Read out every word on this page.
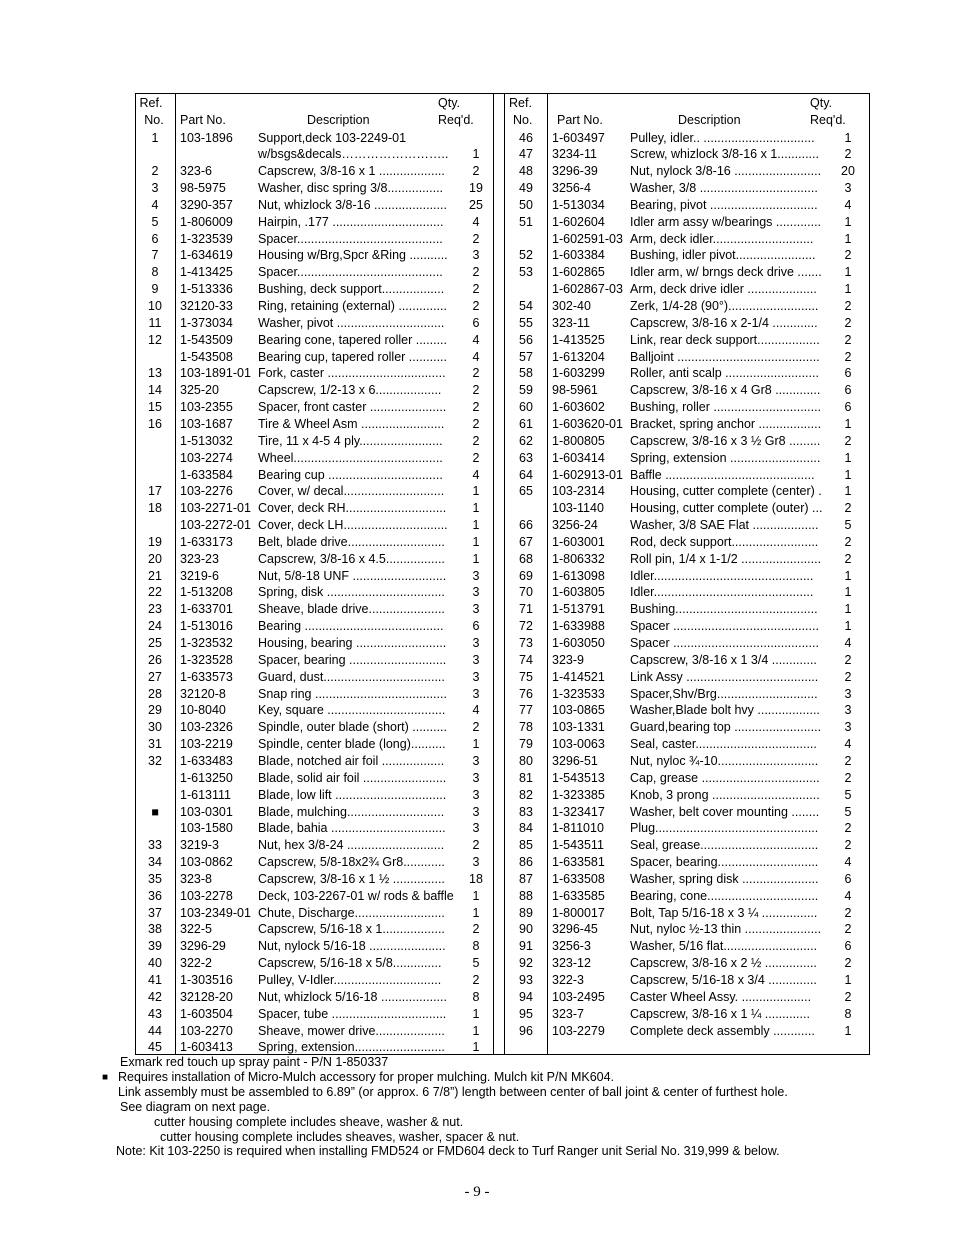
Ref.
No.	Part No.	Description
Qty.
Req'd.
Ref.
No. Part No.	Description
Qty.
Req'd.
1	103-1896 Support,deck 103-2249-01
w/bsgs&decals……………………..	1
2	323-6	Capscrew, 3/8-16 x 1 ...................	2
3	98-5975	Washer, disc spring 3/8................	19
4	3290-357 Nut, whizlock 3/8-16 .....................	25
5	1-806009 Hairpin, .177 ................................	4
6	1-323539 Spacer..........................................	2
7	1-634619 Housing w/Brg,Spcr &Ring ...........	3
8	1-413425 Spacer..........................................	2
9	1-513336 Bushing, deck support..................	2
10	32120-33 Ring, retaining (external) ..............	2
11	1-373034 Washer, pivot ...............................	6
12	1-543509 Bearing cone, tapered roller .........	4
1-543508 Bearing cup, tapered roller ...........	4
13	103-1891-01 Fork, caster ..................................	2
14	325-20	Capscrew, 1/2-13 x 6...................	2
15	103-2355 Spacer, front caster ......................	2
16	103-1687 Tire & Wheel Asm ........................	2
1-513032 Tire, 11 x 4-5 4 ply........................	2
103-2274 Wheel...........................................	2
1-633584 Bearing cup .................................	4
17	103-2276 Cover, w/ decal.............................	1
18	103-2271-01 Cover, deck RH.............................	1
103-2272-01 Cover, deck LH..............................	1
19	1-633173 Belt, blade drive............................	1
20	323-23	Capscrew, 3/8-16 x 4.5.................	1
21	3219-6	Nut, 5/8-18 UNF ...........................	3
22	1-513208 Spring, disk ..................................	3
23	1-633701 Sheave, blade drive......................	3
24	1-513016 Bearing ........................................	6
25	1-323532 Housing, bearing ..........................	3
26	1-323528 Spacer, bearing ............................	3
27	1-633573 Guard, dust...................................	3
28	32120-8	Snap ring ......................................	3
29	10-8040	Key, square ..................................	4
30	103-2326 Spindle, outer blade (short) ..........	2
31	103-2219 Spindle, center blade (long)..........	1
32	1-633483 Blade, notched air foil ..................	3
1-613250 Blade, solid air foil ........................	3
1-613111 Blade, low lift ................................	3
■	103-0301 Blade, mulching............................	3
103-1580 Blade, bahia .................................	3
33	3219-3	Nut, hex 3/8-24 ............................	2
34	103-0862 Capscrew, 5/8-18x2¾ Gr8............	3
35	323-8	Capscrew, 3/8-16 x 1 ½ ...............	18
36	103-2278 Deck, 103-2267-01 w/ rods & baffle	1
37	103-2349-01 Chute, Discharge..........................	1
38	322-5	Capscrew, 5/16-18 x 1..................	2
39	3296-29	Nut, nylock 5/16-18 ......................	8
40	322-2	Capscrew, 5/16-18 x 5/8..............	5
41	1-303516 Pulley, V-Idler...............................	2
42	32128-20 Nut, whizlock 5/16-18 ...................	8
43	1-603504 Spacer, tube .................................	1
44	103-2270 Sheave, mower drive....................	1
45	1-603413 Spring, extension..........................	1
46	1-603497 Pulley, idler.. ................................	1
47	3234-11	Screw, whizlock 3/8-16 x 1............	2
48	3296-39	Nut, nylock 3/8-16 .........................	20
49	3256-4	Washer, 3/8 ..................................	3
50	1-513034 Bearing, pivot ...............................	4
51	1-602604 Idler arm assy w/bearings .............	1
1-602591-03 Arm, deck idler.............................	1
52	1-603384 Bushing, idler pivot.......................	2
53	1-602865 Idler arm, w/ brngs deck drive .......	1
1-602867-03 Arm, deck drive idler ....................	1
54	302-40	Zerk, 1/4-28 (90°)..........................	2
55	323-11	Capscrew, 3/8-16 x 2-1/4 .............	2
56	1-413525 Link, rear deck support..................	2
57	1-613204 Balljoint .........................................	2
58	1-603299 Roller, anti scalp ...........................	6
59	98-5961	Capscrew, 3/8-16 x 4 Gr8 .............	6
60	1-603602 Bushing, roller ...............................	6
61	1-603620-01 Bracket, spring anchor ..................	1
62	1-800805 Capscrew, 3/8-16 x 3 ½ Gr8 .........	2
63	1-603414 Spring, extension ..........................	1
64	1-602913-01 Baffle ...........................................	1
65	103-2314 Housing, cutter complete (center) .	1
103-1140 Housing, cutter complete (outer) ...	2
66	3256-24	Washer, 3/8 SAE Flat ...................	5
67	1-603001 Rod, deck support.........................	2
68	1-806332 Roll pin, 1/4 x 1-1/2 .......................	2
69	1-613098 Idler..............................................	1
70	1-603805 Idler..............................................	1
71	1-513791 Bushing.........................................	1
72	1-633988 Spacer ..........................................	1
73	1-603050 Spacer ..........................................	4
74	323-9	Capscrew, 3/8-16 x 1 3/4 .............	2
75	1-414521 Link Assy ......................................	2
76	1-323533 Spacer,Shv/Brg.............................	3
77	103-0865 Washer,Blade bolt hvy ..................	3
78	103-1331 Guard,bearing top .........................	3
79	103-0063 Seal, caster...................................	4
80	3296-51	Nut, nyloc ¾-10.............................	2
81	1-543513 Cap, grease ..................................	2
82	1-323385 Knob, 3 prong ...............................	5
83	1-323417 Washer, belt cover mounting ........	5
84	1-811010 Plug...............................................	2
85	1-543511 Seal, grease..................................	2
86	1-633581 Spacer, bearing.............................	4
87	1-633508 Washer, spring disk ......................	6
88	1-633585 Bearing, cone................................	4
89	1-800017 Bolt, Tap 5/16-18 x 3 ¼ ................	2
90	3296-45	Nut, nyloc ½-13 thin ......................	2
91	3256-3	Washer, 5/16 flat...........................	6
92	323-12	Capscrew, 3/8-16 x 2 ½ ...............	2
93	322-3	Capscrew, 5/16-18 x 3/4 ..............	1
94	103-2495 Caster Wheel Assy. ....................	2
95	323-7	Capscrew, 3/8-16 x 1 ¼ .............	8
96	103-2279 Complete deck assembly ............	1
Exmark red touch up spray paint - P/N 1-850337
■ Requires installation of Micro-Mulch accessory for proper mulching. Mulch kit P/N MK604.
Link assembly must be assembled to 6.89” (or approx. 6 7/8”) length between center of ball joint & center of furthest hole.
See diagram on next page.
cutter housing complete includes sheave, washer & nut.
cutter housing complete includes sheaves, washer, spacer & nut.
Note: Kit 103-2250 is required when installing FMD524 or FMD604 deck to Turf Ranger unit Serial No. 319,999 & below.
- 9 -
